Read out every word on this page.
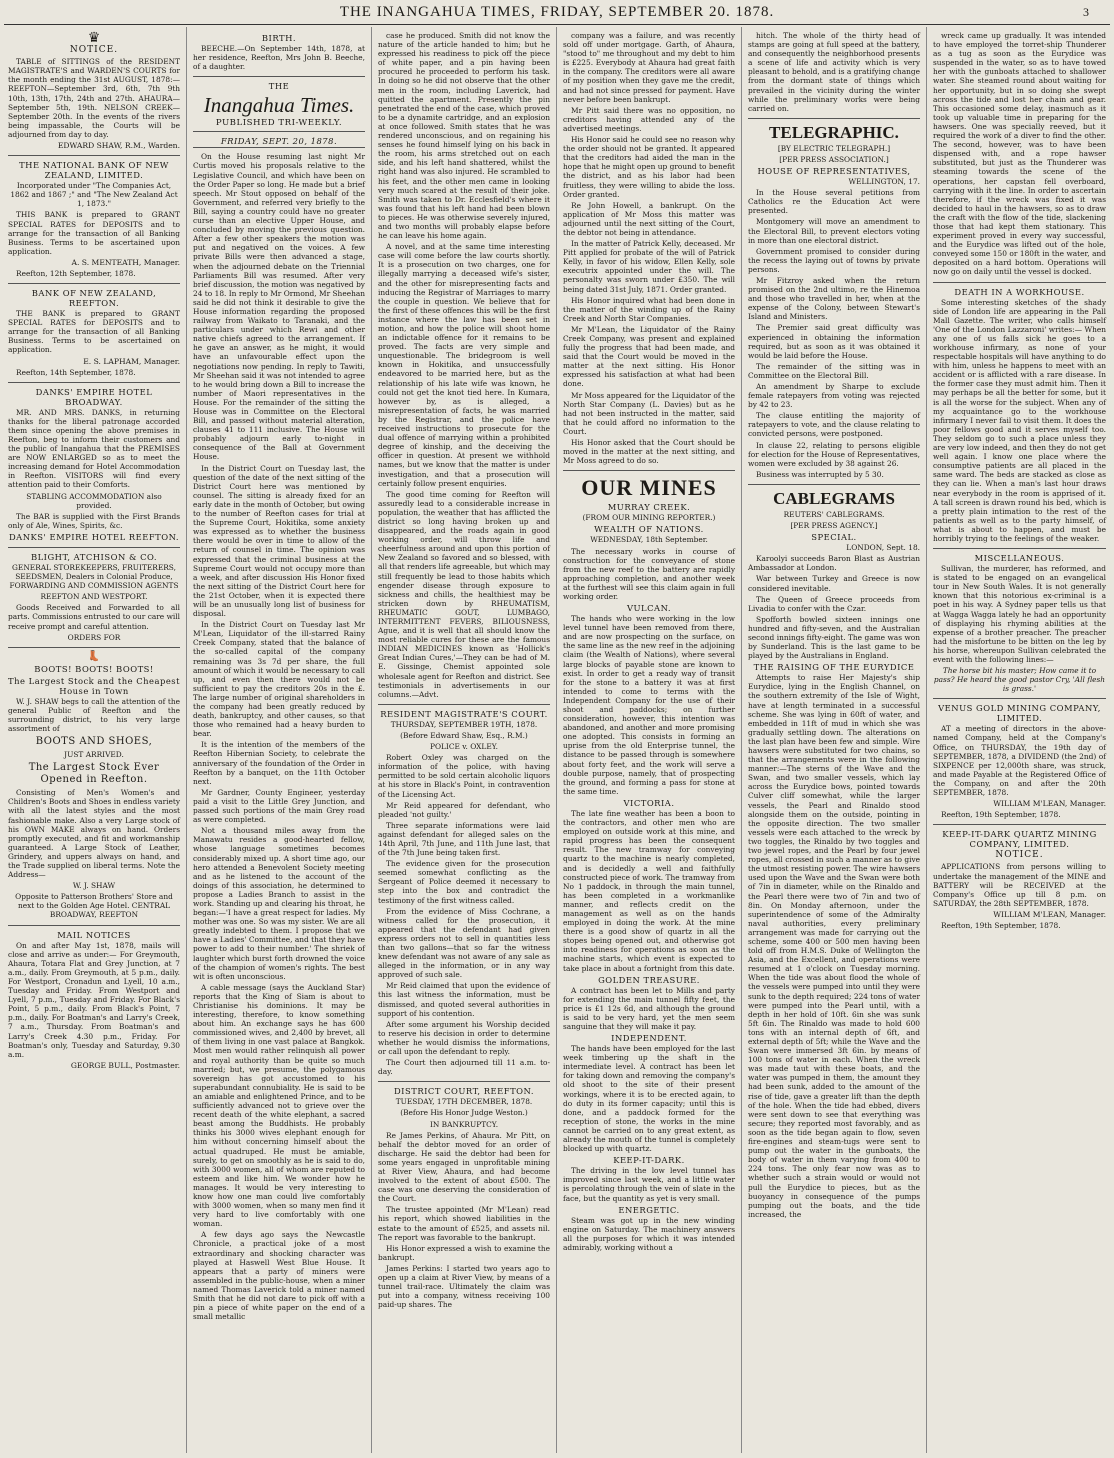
THE INANGAHUA TIMES, FRIDAY, SEPTEMBER 20. 1878.	3
♛
NOTICE.

TABLE of SITTINGS of the RESIDENT MAGISTRATE'S and WARDEN'S COURTS for the month ending the 31st AUGUST, 1878:— REEFTON—September 3rd, 6th, 7th 9th 10th, 13th, 17th, 24th and 27th. AHAURA—September 5th, 19th. NELSON CREEK—September 20th. In the events of the rivers being impassable, the Courts will be adjourned from day to day.

EDWARD SHAW, R.M., Warden.

THE NATIONAL BANK OF NEW ZEALAND, LIMITED.

Incorporated under "The Companies Act, 1862 and 1867 ;" and "The New Zealand Act 1, 1873."

THIS BANK is prepared to GRANT SPECIAL RATES for DEPOSITS and to arrange for the transaction of all Banking Business. Terms to be ascertained upon application.

A. S. MENTEATH, Manager.

Reefton, 12th September, 1878.

BANK OF NEW ZEALAND, REEFTON.

THE BANK is prepared to GRANT SPECIAL RATES for DEPOSITS and to arrange for the transaction of all Banking Business. Terms to be ascertained on application.

E. S. LAPHAM, Manager.

Reefton, 14th September, 1878.

DANKS' EMPIRE HOTEL BROADWAY.

MR. AND MRS. DANKS, in returning thanks for the liberal patronage accorded them since opening the above premises in Reefton, beg to inform their customers and the public of Inangahua that the PREMISES are NOW ENLARGED so as to meet the increasing demand for Hotel Accommodation in Reefton. VISITORS will find every attention paid to their Comforts.

STABLING ACCOMMODATION also provided.

The BAR is supplied with the First Brands only of Ale, Wines, Spirits, &c.

DANKS' EMPIRE HOTEL REEFTON.
BLIGHT, ATCHISON & CO.

GENERAL STOREKEEPERS, FRUITERERS, SEEDSMEN, Dealers in Colonial Produce, FORWARDING AND COMMISSION AGENTS

REEFTON AND WESTPORT.

Goods Received and Forwarded to all parts. Commissions entrusted to our care will receive prompt and careful attention.

ORDERS FOR

👢
BOOTS! BOOTS! BOOTS!
The Largest Stock and the Cheapest House in Town

W. J. SHAW begs to call the attention of the general Public of Reefton and the surrounding district, to his very large assortment of

BOOTS AND SHOES,

JUST ARRIVED.

The Largest Stock Ever Opened in Reefton.

Consisting of Men's Women's and Children's Boots and Shoes in endless variety with all the latest styles and the most fashionable make. Also a very Large stock of his OWN MAKE always on hand. Orders promptly executed, and fit and workmanship guaranteed. A Large Stock of Leather, Grindery, and uppers always on hand, and the Trade supplied on liberal terms. Note the Address—

W. J. SHAW

Opposite to Patterson Brothers' Store and next to the Golden Age Hotel. CENTRAL BROADWAY, REEFTON

MAIL NOTICES

On and after May 1st, 1878, mails will close and arrive as under:— For Greymouth, Ahaura, Totara Flat and Grey Junction, at 7 a.m., daily. From Greymouth, at 5 p.m., daily. For Westport, Cronadun and Lyell, 10 a.m., Tuesday and Friday. From Westport and Lyell, 7 p.m., Tuesday and Friday. For Black's Point, 5 p.m., daily. From Black's Point, 7 p.m., daily. For Boatman's and Larry's Creek, 7 a.m., Thursday. From Boatman's and Larry's Creek 4.30 p.m., Friday. For Boatman's only, Tuesday and Saturday, 9.30 a.m.

GEORGE BULL, Postmaster.

BIRTH.

BEECHE.—On September 14th, 1878, at her residence, Reefton, Mrs John B. Beeche, of a daughter.

THE
Inangahua Times.
PUBLISHED TRI-WEEKLY.
FRIDAY, SEPT. 20, 1878.

On the House resuming last night Mr Curtis moved his proposals relative to the Legislative Council, and which have been on the Order Paper so long. He made but a brief speech. Mr Stout opposed on behalf of the Government, and referred very briefly to the Bill, saying a country could have no greater curse than an elective Upper House, and concluded by moving the previous question. After a few other speakers the motion was put and negatived on the voices. A few private Bills were then advanced a stage, when the adjourned debate on the Triennial Parliaments Bill was resumed. After very brief discussion, the motion was negatived by 24 to 18. In reply to Mr Ormond, Mr Sheehan said he did not think it desirable to give the House information regarding the proposed railway from Waikato to Taranaki, and the particulars under which Rewi and other native chiefs agreed to the arrangement. If he gave an answer, as he might, it would have an unfavourable effect upon the negotiations now pending. In reply to Tawiti, Mr Sheehan said it was not intended to agree to he would bring down a Bill to increase the number of Maori representatives in the House. For the remainder of the sitting the House was in Committee on the Electoral Bill, and passed without material alteration, clauses 41 to 111 inclusive. The House will probably adjourn early to-night in consequence of the Ball at Government House.

In the District Court on Tuesday last, the question of the date of the next sitting of the District Court here was mentioned by counsel. The sitting is already fixed for an early date in the month of October, but owing to the number of Reefton cases for trial at the Supreme Court, Hokitika, some anxiety was expressed as to whether the business there would be over in time to allow of the return of counsel in time. The opinion was expressed that the criminal business at the Supreme Court would not occupy more than a week, and after discussion His Honor fixed the next sitting of the District Court here for the 21st October, when it is expected there will be an unusually long list of business for disposal.

In the District Court on Tuesday last Mr M'Lean, Liquidator of the ill-starred Rainy Creek Company, stated that the balance of the so-called capital of the company remaining was 3s 7d per share, the full amount of which it would be necessary to call up, and even then there would not be sufficient to pay the creditors 20s in the £. The large number of original shareholders in the company had been greatly reduced by death, bankruptcy, and other causes, so that those who remained had a heavy burden to bear.

It is the intention of the members of the Reefton Hibernian Society, to celebrate the anniversary of the foundation of the Order in Reefton by a banquet, on the 11th October next.

Mr Gardner, County Engineer, yesterday paid a visit to the Little Grey Junction, and passed such portions of the main Grey road as were completed.

Not a thousand miles away from the Manawatu resides a good-hearted fellow, whose language sometimes becomes considerably mixed up. A short time ago, our hero attended a Benevolent Society meeting and as he listened to the account of the doings of this association, he determined to propose a Ladies Branch to assist in the work. Standing up and clearing his throat, he began:—'I have a great respect for ladies. My mother was one. So was my sister. We are all greatly indebted to them. I propose that we have a Ladies' Committee, and that they have power to add to their number.' The shriek of laughter which burst forth drowned the voice of the champion of women's rights. The best wit is often unconscious.

A cable message (says the Auckland Star) reports that the King of Siam is about to Christianise his dominions. It may be interesting, therefore, to know something about him. An exchange says he has 600 commissioned wives, and 2,400 by brevet, all of them living in one vast palace at Bangkok. Most men would rather relinquish all power and royal authority than be quite so much married; but, we presume, the polygamous sovereign has got accustomed to his superabundant connubiality. He is said to be an amiable and enlightened Prince, and to be sufficiently advanced not to grieve over the recent death of the white elephant, a sacred beast among the Buddhists. He probably thinks his 3000 wives elephant enough for him without concerning himself about the actual quadruped. He must be amiable, surely, to get on smoothly as he is said to do, with 3000 women, all of whom are reputed to esteem and like him. We wonder how he manages. It would be very interesting to know how one man could live comfortably with 3000 women, when so many men find it very hard to live comfortably with one woman.

A few days ago says the Newcastle Chronicle, a practical joke of a most extraordinary and shocking character was played at Haswell West Blue House. It appears that a party of miners were assembled in the public-house, when a miner named Thomas Laverick told a miner named Smith that he did not dare to pick off with a pin a piece of white paper on the end of a small metallic

case he produced. Smith did not know the nature of the article handed to him; but he expressed his readiness to pick off the piece of white paper, and a pin having been procured he proceeded to perform his task. In doing so he did not observe that the other men in the room, including Laverick, had quitted the apartment. Presently the pin penetrated the end of the case, which proved to be a dynamite cartridge, and an explosion at once followed. Smith states that he was rendered unconscious, and on regaining his senses he found himself lying on his back in the room, his arms stretched out on each side, and his left hand shattered, whilst the right hand was also injured. He scrambled to his feet, and the other men came in looking very much scared at the result of their joke. Smith was taken to Dr. Ecclesfield's where it was found that his left hand had been blown to pieces. He was otherwise severely injured, and two months will probably elapse before he can leave his home again.

A novel, and at the same time interesting case will come before the law courts shortly. It is a prosecution on two charges, one for illegally marrying a deceased wife's sister, and the other for misrepresenting facts and inducing the Registrar of Marriages to marry the couple in question. We believe that for the first of these offences this will be the first instance where the law has been set in motion, and how the police will shoot home an indictable offence for it remains to be proved. The facts are very simple and unquestionable. The bridegroom is well known in Hokitika, and unsuccessfully endeavored to be married here, but as the relationship of his late wife was known, he could not get the knot tied here. In Kumara, however by, as is alleged, a misrepresentation of facts, he was married by the Registrar, and the police have received instructions to prosecute for the dual offence of marrying within a prohibited degree of kinship, and the deceiving the officer in question. At present we withhold names, but we know that the matter is under investigation, and that a prosecution will certainly follow present enquiries.

The good time coming for Reefton will assuredly lead to a considerable increase in population, the weather that has afflicted the district so long having broken up and disappeared, and the roads again in good working order, will throw life and cheerfulness around and upon this portion of New Zealand so favored and so blessed, with all that renders life agreeable, but which may still frequently be lead to those habits which engender disease through exposure to sickness and chills, the healthiest may be stricken down by RHEUMATISM, RHEUMATIC GOUT, LUMBAGO, INTERMITTENT FEVERS, BILIOUSNESS, Ague, and it is well that all should know the most reliable cures for these are the famous INDIAN MEDICINES known as 'Hollick's Great Indian Cures,'—They can be had of M. E. Gissinge, Chemist appointed sole wholesale agent for Reefton and district. See testimonials in advertisements in our columns.—Advt.

RESIDENT MAGISTRATE'S COURT.

THURSDAY, SEPTEMBER 19TH, 1878.

(Before Edward Shaw, Esq., R.M.)

POLICE v. OXLEY.

Robert Oxley was charged on the information of the police, with having permitted to be sold certain alcoholic liquors at his store in Black's Point, in contravention of the Licensing Act.

Mr Reid appeared for defendant, who pleaded 'not guilty.'

Three separate informations were laid against defendant for alleged sales on the 14th April, 7th June, and 11th June last, that of the 7th June being taken first.

The evidence given for the prosecution seemed somewhat conflicting as the Sergeant of Police deemed it necessary to step into the box and contradict the testimony of the first witness called.

From the evidence of Miss Cochrane, a witness called for the prosecution, it appeared that the defendant had given express orders not to sell in quantities less than two gallons—that so far the witness knew defendant was not aware of any sale as alleged in the information, or in any way approved of such sale.

Mr Reid claimed that upon the evidence of this last witness the information, must be dismissed, and quoted several authorities in support of his contention.

After some argument his Worship decided to reserve his decision in order to determine whether he would dismiss the informations, or call upon the defendant to reply.

The Court then adjourned till 11 a.m. to-day.

DISTRICT COURT, REEFTON.

TUESDAY, 17TH DECEMBER, 1878.

(Before His Honor Judge Weston.)

IN BANKRUPTCY.

Re James Perkins, of Ahaura. Mr Pitt, on behalf the debtor moved for an order of discharge. He said the debtor had been for some years engaged in unprofitable mining at River View, Ahaura, and had become involved to the extent of about £500. The case was one deserving the consideration of the Court.

The trustee appointed (Mr M'Lean) read his report, which showed liabilities in the estate to the amount of £525, and assets nil. The report was favorable to the bankrupt.

His Honor expressed a wish to examine the bankrupt.

James Perkins: I started two years ago to open up a claim at River View, by means of a tunnel trail-race. Ultimately the claim was put into a company, witness receiving 100 paid-up shares. The

company was a failure, and was recently sold off under mortgage. Garth, of Ahaura, "stood to" me throughout and my debt to him is £225. Everybody at Ahaura had great faith in the company. The creditors were all aware of my position when they gave me the credit, and had not since pressed for payment. Have never before been bankrupt.

Mr Pitt said there was no opposition, no creditors having attended any of the advertised meetings.

His Honor said he could see no reason why the order should not be granted. It appeared that the creditors had aided the man in the hope that he might open up ground to benefit the district, and as his labor had been fruitless, they were willing to abide the loss. Order granted.

Re John Howell, a bankrupt. On the application of Mr Moss this matter was adjourned until the next sitting of the Court, the debtor not being in attendance.

In the matter of Patrick Kelly, deceased. Mr Pitt applied for probate of the will of Patrick Kelly, in favor of his widow, Ellen Kelly, sole executrix appointed under the will. The personalty was sworn under £350. The will being dated 31st July, 1871. Order granted.

His Honor inquired what had been done in the matter of the winding up of the Rainy Creek and North Star Companies.

Mr M'Lean, the Liquidator of the Rainy Creek Company, was present and explained fully the progress that had been made, and said that the Court would be moved in the matter at the next sitting. His Honor expressed his satisfaction at what had been done.

Mr Moss appeared for the Liquidator of the North Star Company (L. Davies) but as he had not been instructed in the matter, said that he could afford no information to the Court.

His Honor asked that the Court should be moved in the matter at the next sitting, and Mr Moss agreed to do so.

OUR MINES
MURRAY CREEK.

(FROM OUR MINING REPORTER.)

WEALTH OF NATIONS.

WEDNESDAY, 18th September.

The necessary works in course of construction for the conveyance of stone from the new reef to the battery are rapidly approaching completion, and another week at the furthest will see this claim again in full working order.

VULCAN.

The hands who were working in the low level tunnel have been removed from there, and are now prospecting on the surface, on the same line as the new reef in the adjoining claim (the Wealth of Nations), where several large blocks of payable stone are known to exist. In order to get a ready way of transit for the stone to a battery it was at first intended to come to terms with the Independent Company for the use of their shoot and paddocks; on further consideration, however, this intention was abandoned, and another and more promising one adopted. This consists in forming an uprise from the old Enterprise tunnel, the distance to be passed through is somewhere about forty feet, and the work will serve a double purpose, namely, that of prospecting the ground, and forming a pass for stone at the same time.

VICTORIA.

The late fine weather has been a boon to the contractors, and other men who are employed on outside work at this mine, and rapid progress has been the consequent result. The new tramway for conveying quartz to the machine is nearly completed, and is decidedly a well and faithfully constructed piece of work. The tramway from No 1 paddock, in through the main tunnel, has been completed in a workmanlike manner, and reflects credit on the management as well as on the hands employed in doing the work. At the mine there is a good show of quartz in all the stopes being opened out, and otherwise got into readiness for operations as soon as the machine starts, which event is expected to take place in about a fortnight from this date.

GOLDEN TREASURE.

A contract has been let to Mills and party for extending the main tunnel fifty feet, the price is £1 12s 6d, and although the ground is said to be very hard, yet the men seem sanguine that they will make it pay.

INDEPENDENT.

The hands have been employed for the last week timbering up the shaft in the intermediate level. A contract has been let for taking down and removing the company's old shoot to the site of their present workings, where it is to be erected again, to do duty in its former capacity; until this is done, and a paddock formed for the reception of stone, the works in the mine cannot be carried on to any great extent, as already the mouth of the tunnel is completely blocked up with quartz.

KEEP-IT-DARK.

The driving in the low level tunnel has improved since last week, and a little water is percolating through the vein of slate in the face, but the quantity as yet is very small.

ENERGETIC.

Steam was got up in the new winding engine on Saturday. The machinery answers all the purposes for which it was intended admirably, working without a

hitch. The whole of the thirty head of stamps are going at full speed at the battery, and consequently the neighborhood presents a scene of life and activity which is very pleasant to behold, and is a gratifying change from the dormant state of things which prevailed in the vicinity during the winter while the preliminary works were being carried on.

TELEGRAPHIC.

[BY ELECTRIC TELEGRAPH.]

[PER PRESS ASSOCIATION.]

HOUSE OF REPRESENTATIVES,

WELLINGTON, 17.

In the House several petitions from Catholics re the Education Act were presented.

Montgomery will move an amendment to the Electoral Bill, to prevent electors voting in more than one electoral district.

Government promised to consider during the recess the laying out of towns by private persons.

Mr Fitzroy asked when the return promised on the 2nd ultimo, re the Hinemoa and those who travelled in her, when at the expense of the Colony, between Stewart's Island and Ministers.

The Premier said great difficulty was experienced in obtaining the information required, but as soon as it was obtained it would be laid before the House.

The remainder of the sitting was in Committee on the Electoral Bill.

An amendment by Sharpe to exclude female ratepayers from voting was rejected by 42 to 23.

The clause entitling the majority of ratepayers to vote, and the clause relating to convicted persons, were postponed.

In clause 22, relating to persons eligible for election for the House of Representatives, women were excluded by 38 against 26.

Business was interrupted by 5 30.

CABLEGRAMS

REUTERS' CABLEGRAMS.

[PER PRESS AGENCY.]

SPECIAL.

LONDON, Sept. 18.

Karoolyi succeeds Baron Blast as Austrian Ambassador at London.

War between Turkey and Greece is now considered inevitable.

The Queen of Greece proceeds from Livadia to confer with the Czar.

Spofforth bowled sixteen innings one hundred and fifty-seven, and the Australian second innings fifty-eight. The game was won by Sunderland. This is the last game to be played by the Australians in England.

THE RAISING OF THE EURYDICE

Attempts to raise Her Majesty's ship Eurydice, lying in the English Channel, on the southern extremity of the Isle of Wight, have at length terminated in a successful scheme. She was lying in 60ft of water, and embedded in 11ft of mud in which she was gradually settling down. The alterations on the last plan have been few and simple. Wire hawsers were substituted for two chains, so that the arrangements were in the following manner:—The sterns of the Wave and the Swan, and two smaller vessels, which lay across the Eurydice bows, pointed towards Culver cliff somewhat, while the larger vessels, the Pearl and Rinaldo stood alongside them on the outside, pointing in the opposite direction. The two smaller vessels were each attached to the wreck by two toggles, the Rinaldo by two toggles and two jewel ropes, and the Pearl by four jewel ropes, all crossed in such a manner as to give the utmost resisting power. The wire hawsers used upon the Wave and the Swan were both of 7in in diameter, while on the Rinaldo and the Pearl there were two of 7in and two of 8in. On Monday afternoon, under the superintendence of some of the Admiralty naval authorities, every preliminary arrangement was made for carrying out the scheme, some 400 or 500 men having been told off from H.M.S. Duke of Wellington the Asia, and the Excellent, and operations were resumed at 1 o'clock on Tuesday morning. When the tide was about flood the whole of the vessels were pumped into until they were sunk to the depth required; 224 tons of water were pumped into the Pearl until, with a depth in her hold of 10ft. 6in she was sunk 5ft 6in. The Rinaldo was made to hold 600 tons with an internal depth of 6ft, and external depth of 5ft; while the Wave and the Swan were immersed 3ft 6in. by means of 100 tons of water in each. When the wreck was made taut with these boats, and the water was pumped in them, the amount they had been sunk, added to the amount of the rise of tide, gave a greater lift than the depth of the hole. When the tide had ebbed, divers were sent down to see that everything was secure; they reported most favorably, and as soon as the tide began again to flow, seven fire-engines and steam-tugs were sent to pump out the water in the gunboats, the body of water in them varying from 400 to 224 tons. The only fear now was as to whether such a strain would or would not pull the Eurydice to pieces, but as the buoyancy in consequence of the pumps pumping out the boats, and the tide increased, the

wreck came up gradually. It was intended to have employed the torret-ship Thunderer as a tug as soon as the Eurydice was suspended in the water, so as to have towed her with the gunboats attached to shallower water. She steamed round about waiting for her opportunity, but in so doing she swept across the tide and lost her chain and gear. This occasioned some delay, inasmuch as it took up valuable time in preparing for the hawsers. One was specially reeved, but it required the work of a diver to find the other. The second, however, was to have been dispensed with, and a rope hawser substituted, but just as the Thunderer was steaming towards the scene of the operations, her capstan fell overboard, carrying with it the line. In order to ascertain therefore, if the wreck was fixed it was decided to haul in the hawsers, so as to draw the craft with the flow of the tide, slackening those that had kept them stationary. This experiment proved in every way successful, and the Eurydice was lifted out of the hole, conveyed some 150 or 180ft in the water, and deposited on a hard bottom. Operations will now go on daily until the vessel is docked.

DEATH IN A WORKHOUSE.

Some interesting sketches of the shady side of London life are appearing in the Pall Mall Gazette. The writer, who calls himself 'One of the London Lazzaroni' writes:— When any one of us falls sick he goes to a workhouse infirmary, as none of your respectable hospitals will have anything to do with him, unless he happens to meet with an accident or is afflicted with a rare disease. In the former case they must admit him. Then it may perhaps be all the better for some, but it is all the worse for the subject. When any of my acquaintance go to the workhouse infirmary I never fail to visit them. It does the poor fellows good and it serves myself too. They seldom go to such a place unless they are very low indeed, and then they do not get well again. I know one place where the consumptive patients are all placed in the same ward. The beds are stacked as close as they can lie. When a man's last hour draws near everybody in the room is apprised of it. A tall screen is drawn round his bed, which is a pretty plain intimation to the rest of the patients as well as to the party himself, of what is about to happen, and must be horribly trying to the feelings of the weaker.

MISCELLANEOUS.

Sullivan, the murderer, has reformed, and is stated to be engaged on an evangelical tour in New South Wales. It is not generally known that this notorious ex-criminal is a poet in his way. A Sydney paper tells us that at Wagga Wagga lately he had an opportunity of displaying his rhyming abilities at the expense of a brother preacher. The preacher had the misfortune to be bitten on the leg by his horse, whereupon Sullivan celebrated the event with the following lines:—

The horse bit his master; How came it to pass? He heard the good pastor Cry, 'All flesh is grass.'

VENUS GOLD MINING COMPANY, LIMITED.

AT a meeting of directors in the above-named Company, held at the Company's Office, on THURSDAY, the 19th day of SEPTEMBER, 1878, a DIVIDEND (the 2nd) of SIXPENCE per 12,000th share, was struck, and made Payable at the Registered Office of the Company, on and after the 20th SEPTEMBER, 1878.

WILLIAM M'LEAN, Manager.

Reefton, 19th September, 1878.

KEEP-IT-DARK QUARTZ MINING COMPANY, LIMITED.
NOTICE.

APPLICATIONS from persons willing to undertake the management of the MINE and BATTERY will be RECEIVED at the Company's Office up till 8 p.m. on SATURDAY, the 28th SEPTEMBER, 1878.

WILLIAM M'LEAN, Manager.

Reefton, 19th September, 1878.
